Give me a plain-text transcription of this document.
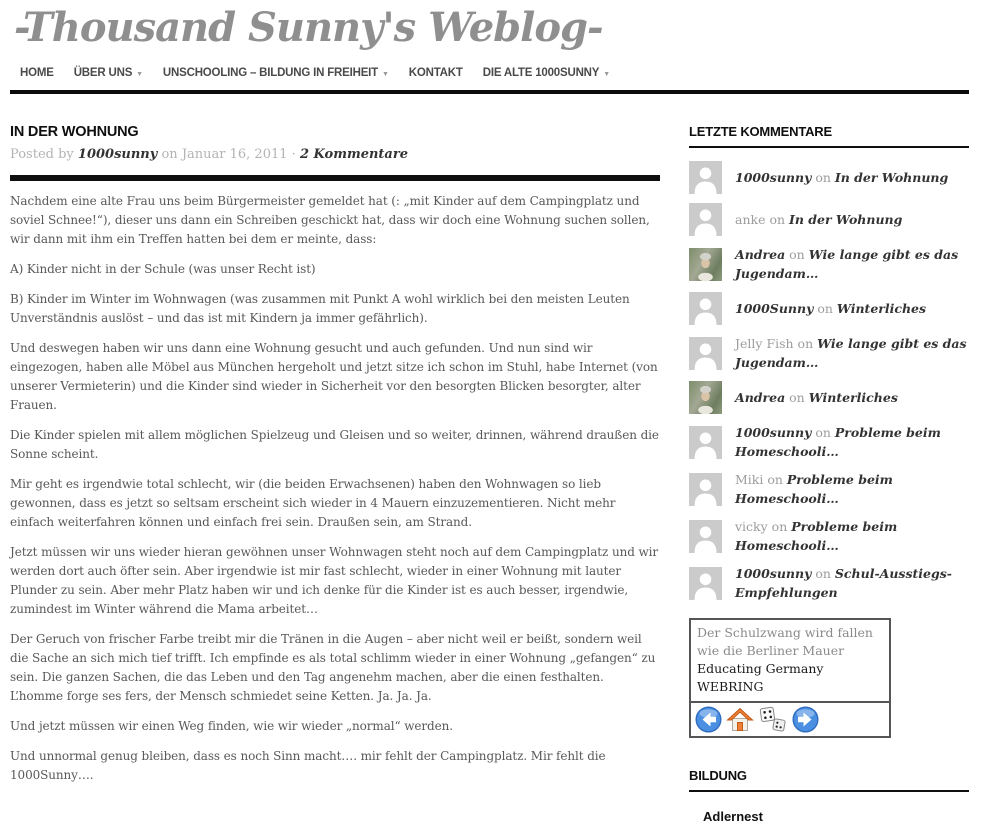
-Thousand Sunny's Weblog-
HOME ÜBER UNS ▼ UNSCHOOLING – BILDUNG IN FREIHEIT ▼ KONTAKT DIE ALTE 1000SUNNY ▼
IN DER WOHNUNG
Posted by 1000sunny on Januar 16, 2011 · 2 Kommentare

Nachdem eine alte Frau uns beim Bürgermeister gemeldet hat (: „mit Kinder auf dem Campingplatz und soviel Schnee!“), dieser uns dann ein Schreiben geschickt hat, dass wir doch eine Wohnung suchen sollen, wir dann mit ihm ein Treffen hatten bei dem er meinte, dass:

A) Kinder nicht in der Schule (was unser Recht ist)

B) Kinder im Winter im Wohnwagen (was zusammen mit Punkt A wohl wirklich bei den meisten Leuten Unverständnis auslöst – und das ist mit Kindern ja immer gefährlich).

Und deswegen haben wir uns dann eine Wohnung gesucht und auch gefunden. Und nun sind wir eingezogen, haben alle Möbel aus München hergeholt und jetzt sitze ich schon im Stuhl, habe Internet (von unserer Vermieterin) und die Kinder sind wieder in Sicherheit vor den besorgten Blicken besorgter, alter Frauen.

Die Kinder spielen mit allem möglichen Spielzeug und Gleisen und so weiter, drinnen, während draußen die Sonne scheint.

Mir geht es irgendwie total schlecht, wir (die beiden Erwachsenen) haben den Wohnwagen so lieb gewonnen, dass es jetzt so seltsam erscheint sich wieder in 4 Mauern einzuzementieren. Nicht mehr einfach weiterfahren können und einfach frei sein. Draußen sein, am Strand.

Jetzt müssen wir uns wieder hieran gewöhnen unser Wohnwagen steht noch auf dem Campingplatz und wir werden dort auch öfter sein. Aber irgendwie ist mir fast schlecht, wieder in einer Wohnung mit lauter Plunder zu sein. Aber mehr Platz haben wir und ich denke für die Kinder ist es auch besser, irgendwie, zumindest im Winter während die Mama arbeitet…

Der Geruch von frischer Farbe treibt mir die Tränen in die Augen – aber nicht weil er beißt, sondern weil die Sache an sich mich tief trifft. Ich empfinde es als total schlimm wieder in einer Wohnung „gefangen“ zu sein. Die ganzen Sachen, die das Leben und den Tag angenehm machen, aber die einen festhalten. L’homme forge ses fers, der Mensch schmiedet seine Ketten. Ja. Ja. Ja.

Und jetzt müssen wir einen Weg finden, wie wir wieder „normal“ werden.

Und unnormal genug bleiben, dass es noch Sinn macht…. mir fehlt der Campingplatz. Mir fehlt die 1000Sunny….

LETZTE KOMMENTARE
1000sunny on In der Wohnung
anke on In der Wohnung
Andrea on Wie lange gibt es das Jugendam…
1000Sunny on Winterliches
Jelly Fish on Wie lange gibt es das Jugendam…
Andrea on Winterliches
1000sunny on Probleme beim Homeschooli…
Miki on Probleme beim Homeschooli…
vicky on Probleme beim Homeschooli…
1000sunny on Schul-Ausstiegs-Empfehlungen
Der Schulzwang wird fallen wie die Berliner Mauer
Educating Germany WEBRING
BILDUNG
Adlernest
